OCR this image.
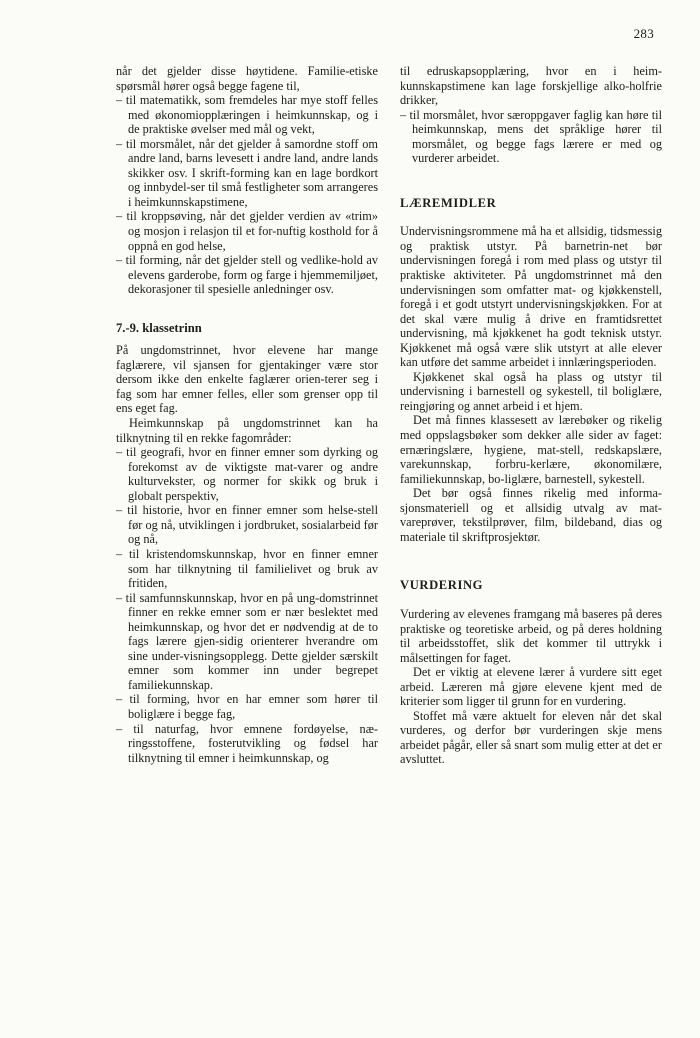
283

når det gjelder disse høytidene. Familie-etiske spørsmål hører også begge fagene til,

– til matematikk, som fremdeles har mye stoff felles med økonomiopplæringen i heimkunnskap, og i de praktiske øvelser med mål og vekt,

– til morsmålet, når det gjelder å samordne stoff om andre land, barns levesett i andre land, andre lands skikker osv. I skrift-forming kan en lage bordkort og innbydel-ser til små festligheter som arrangeres i heimkunnskapstimene,

– til kroppsøving, når det gjelder verdien av «trim» og mosjon i relasjon til et for-nuftig kosthold for å oppnå en god helse,

– til forming, når det gjelder stell og vedlike-hold av elevens garderobe, form og farge i hjemmemiljøet, dekorasjoner til spesielle anledninger osv.

7.-9. klassetrinn

På ungdomstrinnet, hvor elevene har mange faglærere, vil sjansen for gjentakinger være stor dersom ikke den enkelte faglærer orien-terer seg i fag som har emner felles, eller som grenser opp til ens eget fag.

Heimkunnskap på ungdomstrinnet kan ha tilknytning til en rekke fagområder:

– til geografi, hvor en finner emner som dyrking og forekomst av de viktigste mat-varer og andre kulturvekster, og normer for skikk og bruk i globalt perspektiv,

– til historie, hvor en finner emner som helse-stell før og nå, utviklingen i jordbruket, sosialarbeid før og nå,

– til kristendomskunnskap, hvor en finner emner som har tilknytning til familielivet og bruk av fritiden,

– til samfunnskunnskap, hvor en på ung-domstrinnet finner en rekke emner som er nær beslektet med heimkunnskap, og hvor det er nødvendig at de to fags lærere gjen-sidig orienterer hverandre om sine under-visningsopplegg. Dette gjelder særskilt emner som kommer inn under begrepet familiekunnskap.

– til forming, hvor en har emner som hører til boliglære i begge fag,

– til naturfag, hvor emnene fordøyelse, næ-ringsstoffene, fosterutvikling og fødsel har tilknytning til emner i heimkunnskap, og

til edruskapsopplæring, hvor en i heim-kunnskapstimene kan lage forskjellige alko-holfrie drikker,

– til morsmålet, hvor særoppgaver faglig kan høre til heimkunnskap, mens det språklige hører til morsmålet, og begge fags lærere er med og vurderer arbeidet.

LÆREMIDLER

Undervisningsrommene må ha et allsidig, tidsmessig og praktisk utstyr. På barnetrin-net bør undervisningen foregå i rom med plass og utstyr til praktiske aktiviteter. På ungdomstrinnet må den undervisningen som omfatter mat- og kjøkkenstell, foregå i et godt utstyrt undervisningskjøkken. For at det skal være mulig å drive en framtidsrettet undervisning, må kjøkkenet ha godt teknisk utstyr. Kjøkkenet må også være slik utstyrt at alle elever kan utføre det samme arbeidet i innlæringsperioden.

Kjøkkenet skal også ha plass og utstyr til undervisning i barnestell og sykestell, til boliglære, reingjøring og annet arbeid i et hjem.

Det må finnes klassesett av lærebøker og rikelig med oppslagsbøker som dekker alle sider av faget: ernæringslære, hygiene, mat-stell, redskapslære, varekunnskap, forbru-kerlære, økonomilære, familiekunnskap, bo-liglære, barnestell, sykestell.

Det bør også finnes rikelig med informa-sjonsmateriell og et allsidig utvalg av mat-vareprøver, tekstilprøver, film, bildeband, dias og materiale til skriftprosjektør.

VURDERING

Vurdering av elevenes framgang må baseres på deres praktiske og teoretiske arbeid, og på deres holdning til arbeidsstoffet, slik det kommer til uttrykk i målsettingen for faget.

Det er viktig at elevene lærer å vurdere sitt eget arbeid. Læreren må gjøre elevene kjent med de kriterier som ligger til grunn for en vurdering.

Stoffet må være aktuelt for eleven når det skal vurderes, og derfor bør vurderingen skje mens arbeidet pågår, eller så snart som mulig etter at det er avsluttet.
